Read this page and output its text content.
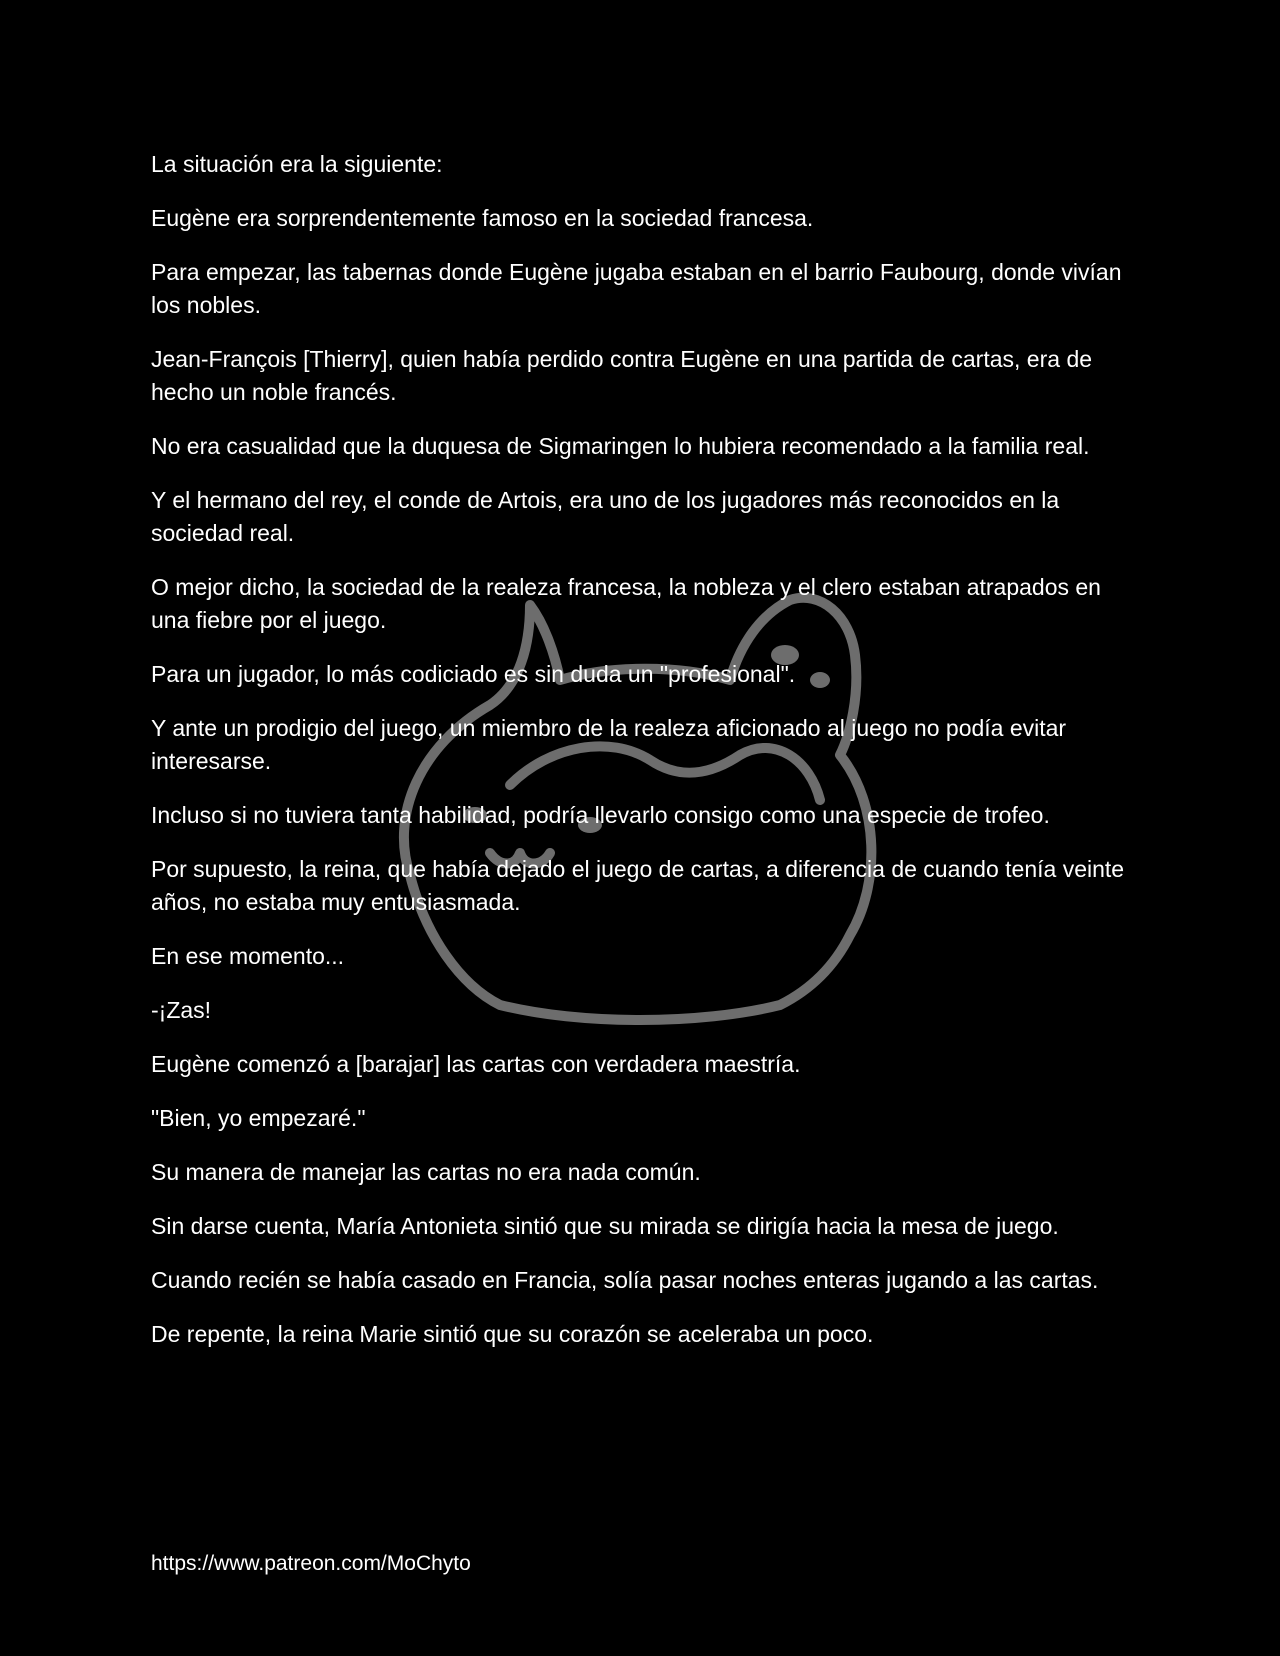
La situación era la siguiente:

Eugène era sorprendentemente famoso en la sociedad francesa.

Para empezar, las tabernas donde Eugène jugaba estaban en el barrio Faubourg, donde vivían los nobles.

Jean-François [Thierry], quien había perdido contra Eugène en una partida de cartas, era de hecho un noble francés.

No era casualidad que la duquesa de Sigmaringen lo hubiera recomendado a la familia real.

Y el hermano del rey, el conde de Artois, era uno de los jugadores más reconocidos en la sociedad real.

O mejor dicho, la sociedad de la realeza francesa, la nobleza y el clero estaban atrapados en una fiebre por el juego.

Para un jugador, lo más codiciado es sin duda un "profesional".

Y ante un prodigio del juego, un miembro de la realeza aficionado al juego no podía evitar interesarse.

Incluso si no tuviera tanta habilidad, podría llevarlo consigo como una especie de trofeo.

Por supuesto, la reina, que había dejado el juego de cartas, a diferencia de cuando tenía veinte años, no estaba muy entusiasmada.

En ese momento...

-¡Zas!

Eugène comenzó a [barajar] las cartas con verdadera maestría.

"Bien, yo empezaré."

Su manera de manejar las cartas no era nada común.

Sin darse cuenta, María Antonieta sintió que su mirada se dirigía hacia la mesa de juego.

Cuando recién se había casado en Francia, solía pasar noches enteras jugando a las cartas.

De repente, la reina Marie sintió que su corazón se aceleraba un poco.

https://www.patreon.com/MoChyto
